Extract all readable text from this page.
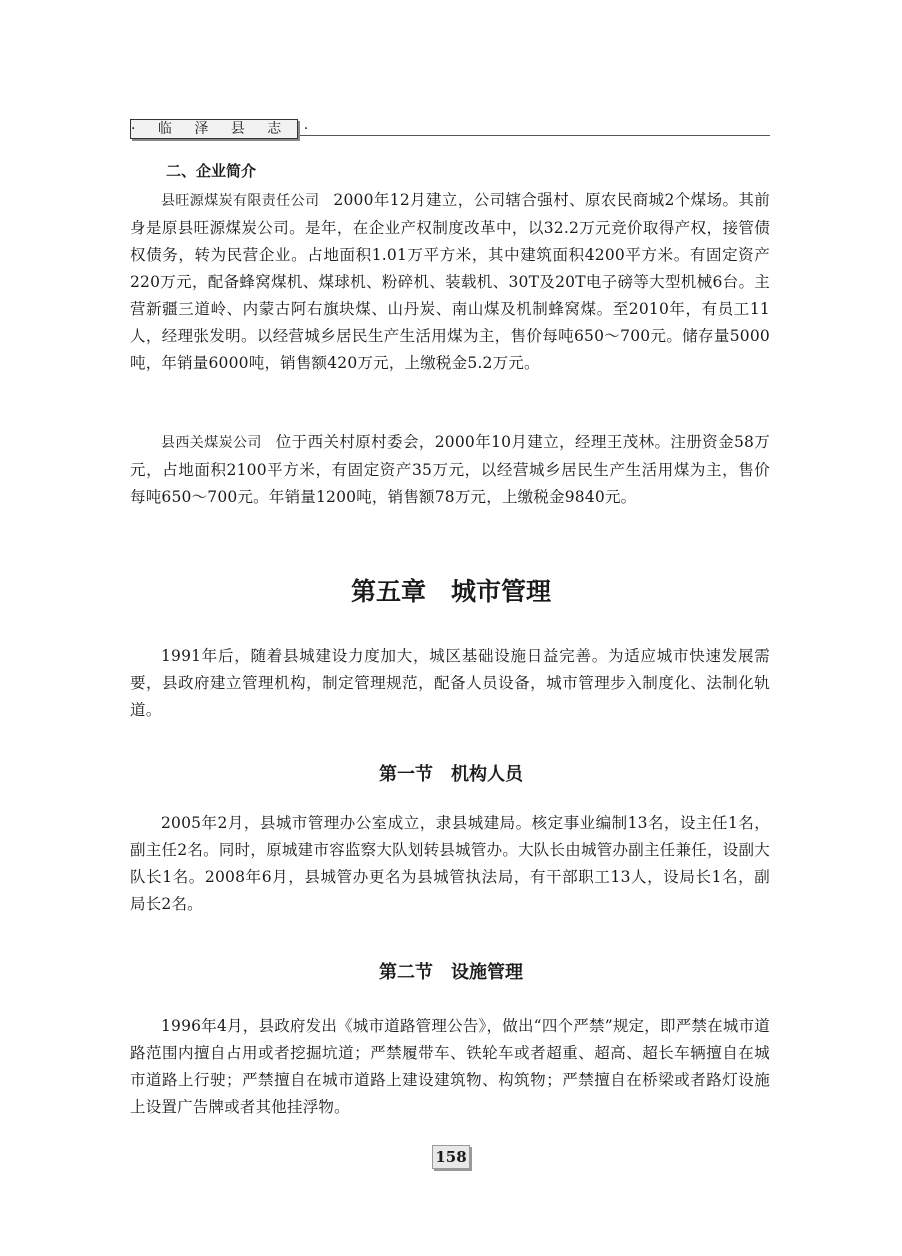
· 临 泽 县 志 ·
二、企业简介

县旺源煤炭有限责任公司 2000年12月建立，公司辖合强村、原农民商城2个煤场。其前身是原县旺源煤炭公司。是年，在企业产权制度改革中，以32.2万元竞价取得产权，接管债权债务，转为民营企业。占地面积1.01万平方米，其中建筑面积4200平方米。有固定资产220万元，配备蜂窝煤机、煤球机、粉碎机、装载机、30T及20T电子磅等大型机械6台。主营新疆三道岭、内蒙古阿右旗块煤、山丹炭、南山煤及机制蜂窝煤。至2010年，有员工11人，经理张发明。以经营城乡居民生产生活用煤为主，售价每吨650～700元。储存量5000吨，年销量6000吨，销售额420万元，上缴税金5.2万元。

县西关煤炭公司 位于西关村原村委会，2000年10月建立，经理王茂林。注册资金58万元，占地面积2100平方米，有固定资产35万元，以经营城乡居民生产生活用煤为主，售价每吨650～700元。年销量1200吨，销售额78万元，上缴税金9840元。

第五章　城市管理

1991年后，随着县城建设力度加大，城区基础设施日益完善。为适应城市快速发展需要，县政府建立管理机构，制定管理规范，配备人员设备，城市管理步入制度化、法制化轨道。

第一节　机构人员

2005年2月，县城市管理办公室成立，隶县城建局。核定事业编制13名，设主任1名，副主任2名。同时，原城建市容监察大队划转县城管办。大队长由城管办副主任兼任，设副大队长1名。2008年6月，县城管办更名为县城管执法局，有干部职工13人，设局长1名，副局长2名。

第二节　设施管理

1996年4月，县政府发出《城市道路管理公告》，做出“四个严禁”规定，即严禁在城市道路范围内擅自占用或者挖掘坑道；严禁履带车、铁轮车或者超重、超高、超长车辆擅自在城市道路上行驶；严禁擅自在城市道路上建设建筑物、构筑物；严禁擅自在桥梁或者路灯设施上设置广告牌或者其他挂浮物。

158
